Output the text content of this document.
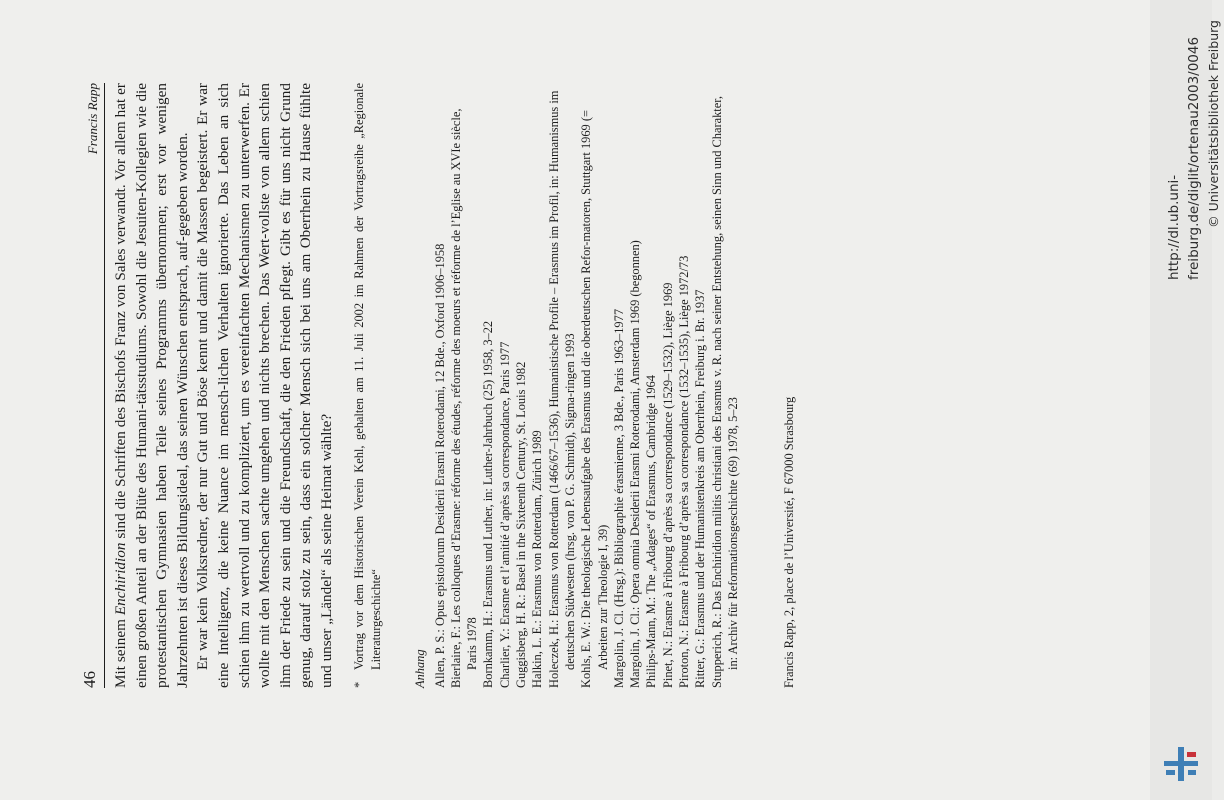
46
Francis Rapp

Mit seinem Enchiridion sind die Schriften des Bischofs Franz von Sales verwandt. Vor allem hat er einen großen Anteil an der Blüte des Humani-tätsstudiums. Sowohl die Jesuiten-Kollegien wie die protestantischen Gymnasien haben Teile seines Programms übernommen; erst vor wenigen Jahrzehnten ist dieses Bildungsideal, das seinen Wünschen entsprach, auf-gegeben worden. Er war kein Volksredner, der nur Gut und Böse kennt und damit die Massen begeistert. Er war eine Intelligenz, die keine Nuance im mensch-lichen Verhalten ignorierte. Das Leben an sich schien ihm zu wertvoll und zu kompliziert, um es vereinfachten Mechanismen zu unterwerfen. Er wollte mit den Menschen sachte umgehen und nichts brechen. Das Wert-vollste von allem schien ihm der Friede zu sein und die Freundschaft, die den Frieden pflegt. Gibt es für uns nicht Grund genug, darauf stolz zu sein, dass ein solcher Mensch sich bei uns am Oberrhein zu Hause fühlte und unser „Ländel“ als seine Heimat wählte? *
Vortrag vor dem Historischen Verein Kehl, gehalten am 11. Juli 2002 im Rahmen der Vortragsreihe „Regionale Literaturgeschichte“ Anhang Allen, P. S.: Opus epistolorum Desiderii Erasmi Roterodami, 12 Bde., Oxford 1906–1958 Bierlaire, F.: Les colloques d’Erasme: réforme des études, réforme des moeurs et réforme de l’Eglise au XVIe siècle, Paris 1978 Bornkamm, H.: Erasmus und Luther, in: Luther-Jahrbuch (25) 1958, 3–22 Charlier, Y.: Erasme et l’amitié d’après sa correspondance, Paris 1977 Guggisberg, H. R.: Basel in the Sixteenth Century, St. Louis 1982 Halkin, L. E.: Erasmus von Rotterdam, Zürich 1989 Holeczek, H.: Erasmus von Rotterdam (1466/67–1536), Humanistische Profile – Erasmus im Profil, in: Humanismus im deutschen Südwesten (hrsg. von P. G. Schmidt), Sigma-ringen 1993 Kohls, E. W.: Die theologische Lebensaufgabe des Erasmus und die oberdeutschen Refor-matoren, Stuttgart 1969 (= Arbeiten zur Theologie I, 39) Margolin, J. Cl. (Hrsg.): Bibliographie érasmienne, 3 Bde., Paris 1963–1977 Margolin, J. Cl.: Opera omnia Desiderii Erasmi Roterodami, Amsterdam 1969 (begonnen) Philips-Mann, M.: The „Adages“ of Erasmus, Cambridge 1964 Pinet, N.: Erasme à Fribourg d’après sa correspondance (1529–1532), Liège 1969 Piroton, N.: Erasme à Fribourg d’après sa correspondance (1532–1535), Liège 1972/73 Ritter, G.: Erasmus und der Humanistenkreis am Oberrhein, Freiburg i. Br. 1937 Stupperich, R.: Das Enchiridion militis christiani des Erasmus v. R. nach seiner Entstehung, seinen Sinn und Charakter, in: Archiv für Reformationsgeschichte (69) 1978, 5–23	Francis Rapp, 2, place de l’Université, F 67000 Strasbourg
http://dl.ub.uni-freiburg.de/diglit/ortenau2003/0046 © Universitätsbibliothek Freiburg
